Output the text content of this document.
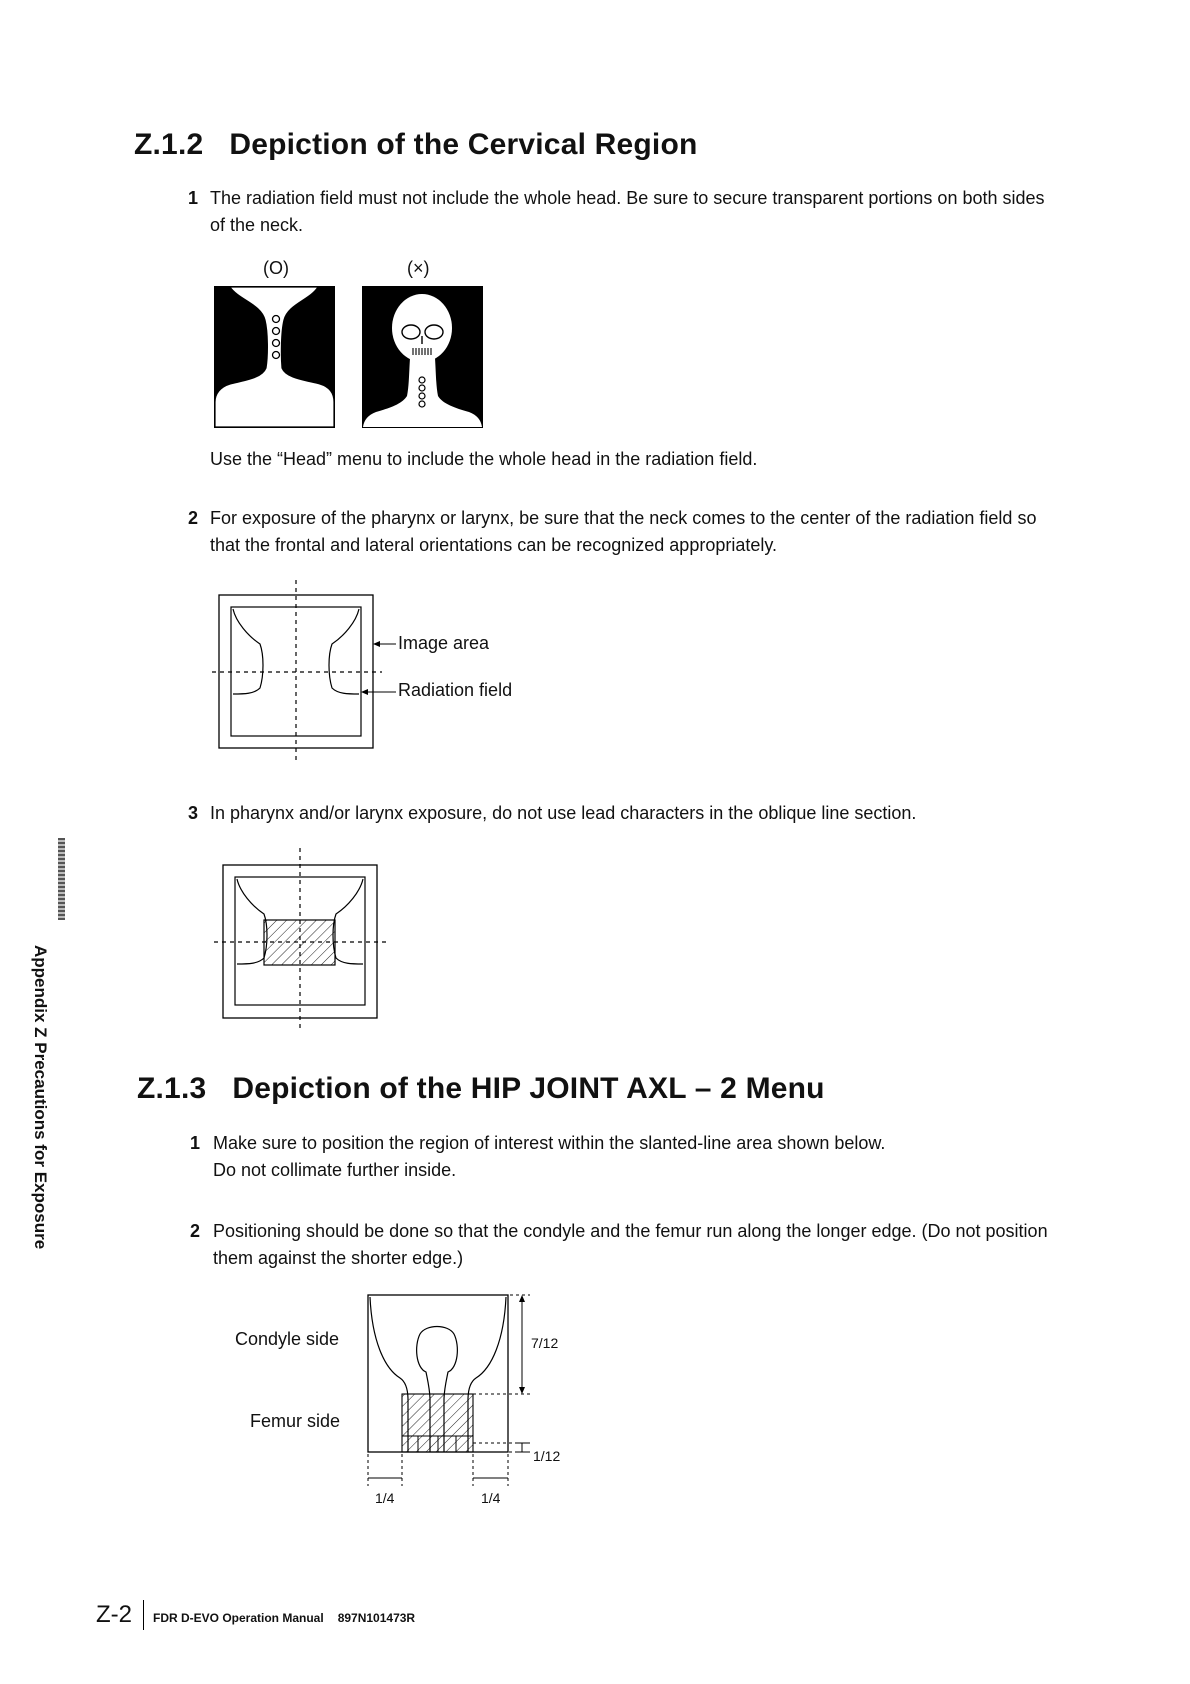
Z.1.2 Depiction of the Cervical Region
1 The radiation field must not include the whole head. Be sure to secure transparent portions on both sides of the neck.
(O)	(×)
Use the “Head” menu to include the whole head in the radiation field.
2 For exposure of the pharynx or larynx, be sure that the neck comes to the center of the radiation field so that the frontal and lateral orientations can be recognized appropriately.
Image area
Radiation field
3 In pharynx and/or larynx exposure, do not use lead characters in the oblique line section.
Z.1.3 Depiction of the HIP JOINT AXL – 2 Menu
1 Make sure to position the region of interest within the slanted-line area shown below.
Do not collimate further inside.
2 Positioning should be done so that the condyle and the femur run along the longer edge. (Do not position them against the shorter edge.)
Condyle side
Femur side
7/12
1/12
1/4	1/4
Appendix Z Precautions for Exposure
Z-2 FDR D-EVO Operation Manual 897N101473R
